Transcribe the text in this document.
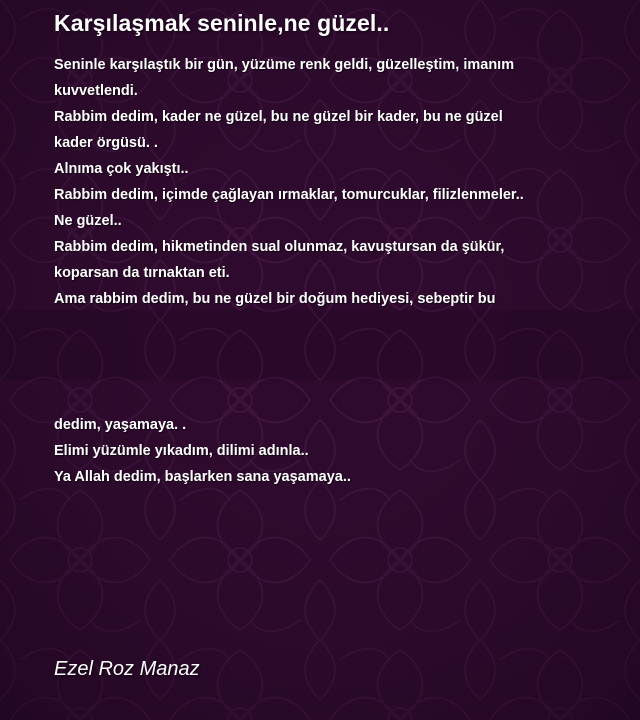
Karşılaşmak seninle,ne güzel..
Seninle karşılaştık bir gün, yüzüme renk geldi, güzelleştim, imanım
kuvvetlendi.
Rabbim dedim, kader ne güzel, bu ne güzel bir kader, bu ne güzel
kader örgüsü. .
Alnıma çok yakıştı..
Rabbim dedim, içimde çağlayan ırmaklar, tomurcuklar, filizlenmeler..
Ne güzel..
Rabbim dedim, hikmetinden sual olunmaz, kavuştursan da şükür,
koparsan da tırnaktan eti.
Ama rabbim dedim, bu ne güzel bir doğum hediyesi, sebeptir bu
dedim, yaşamaya. .
Elimi yüzümle yıkadım, dilimi adınla..
Ya Allah dedim, başlarken sana yaşamaya..
Ezel Roz Manaz
